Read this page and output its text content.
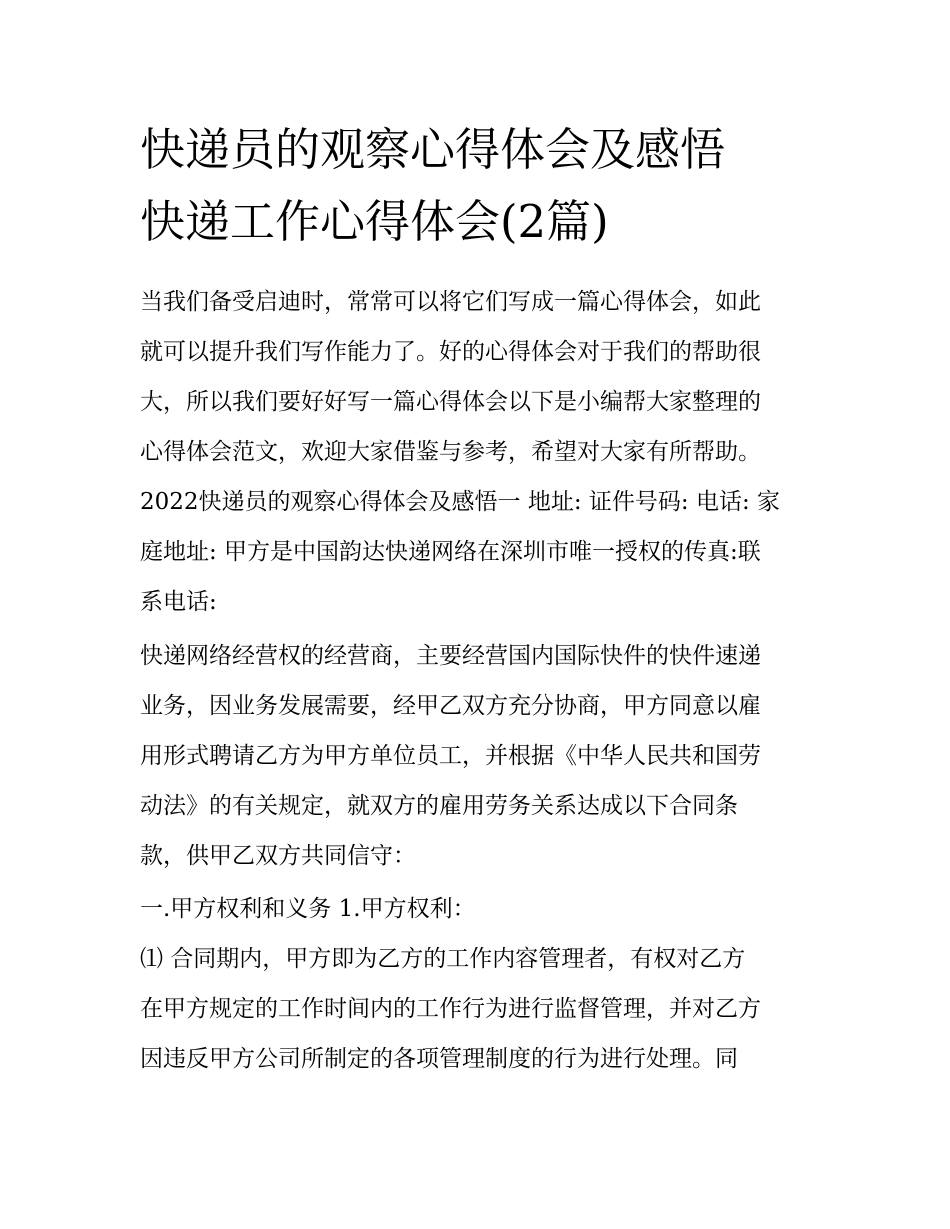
快递员的观察心得体会及感悟
快递工作心得体会(2篇)

当我们备受启迪时，常常可以将它们写成一篇心得体会，如此

就可以提升我们写作能力了。好的心得体会对于我们的帮助很

大，所以我们要好好写一篇心得体会以下是小编帮大家整理的

心得体会范文，欢迎大家借鉴与参考，希望对大家有所帮助。

2022快递员的观察心得体会及感悟一 地址: 证件号码: 电话: 家

庭地址: 甲方是中国韵达快递网络在深圳市唯一授权的传真:联

系电话:

快递网络经营权的经营商，主要经营国内国际快件的快件速递

业务，因业务发展需要，经甲乙双方充分协商，甲方同意以雇

用形式聘请乙方为甲方单位员工，并根据《中华人民共和国劳

动法》的有关规定，就双方的雇用劳务关系达成以下合同条

款，供甲乙双方共同信守：

一.甲方权利和义务 1.甲方权利：

⑴ 合同期内，甲方即为乙方的工作内容管理者，有权对乙方

在甲方规定的工作时间内的工作行为进行监督管理，并对乙方

因违反甲方公司所制定的各项管理制度的行为进行处理。同
